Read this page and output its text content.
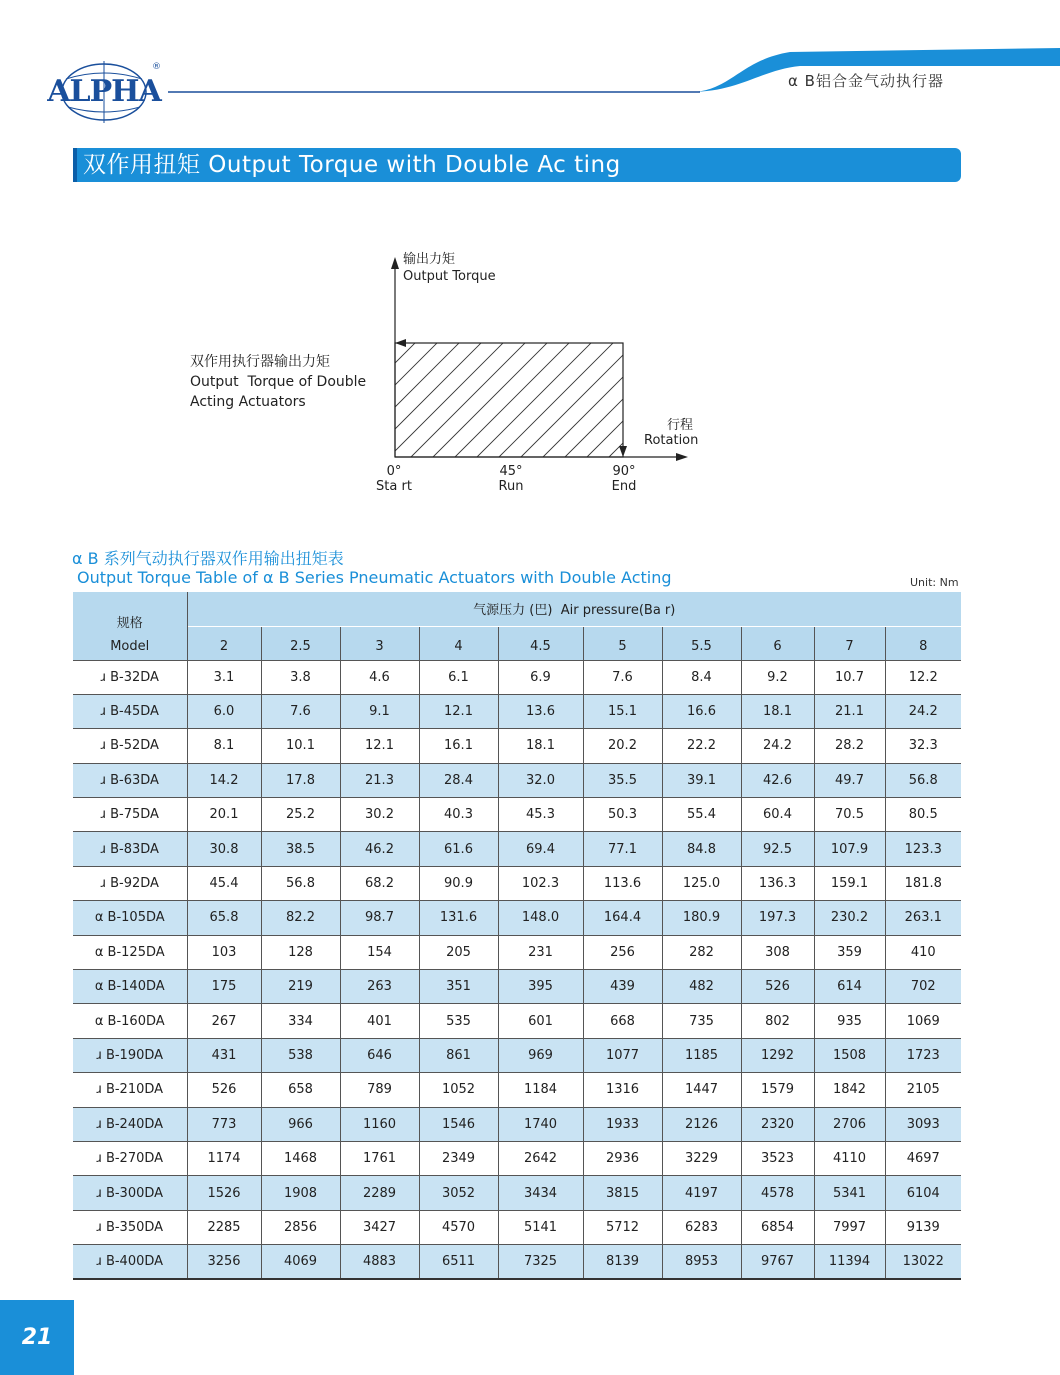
ALPHA
®
α B铝合金气动执行器
双作用扭矩 Output Torque with Double Ac ting
输出力矩
Output Torque
行程
Rotation
0°
Sta rt
45°
Run
90°
End
双作用执行器输出力矩
Output  Torque of Double
Acting Actuators
α B 系列气动执行器双作用输出扭矩表
Output Torque Table of α B Series Pneumatic Actuators with Double Acting	Unit: Nm
规格
Model	气源压力 (巴)  Air pressure(Ba r)									
	2	2.5	3	4	4.5	5	5.5	6	7	8
ɹ B-32DA	3.1	3.8	4.6	6.1	6.9	7.6	8.4	9.2	10.7	12.2
ɹ B-45DA	6.0	7.6	9.1	12.1	13.6	15.1	16.6	18.1	21.1	24.2
ɹ B-52DA	8.1	10.1	12.1	16.1	18.1	20.2	22.2	24.2	28.2	32.3
ɹ B-63DA	14.2	17.8	21.3	28.4	32.0	35.5	39.1	42.6	49.7	56.8
ɹ B-75DA	20.1	25.2	30.2	40.3	45.3	50.3	55.4	60.4	70.5	80.5
ɹ B-83DA	30.8	38.5	46.2	61.6	69.4	77.1	84.8	92.5	107.9	123.3
ɹ B-92DA	45.4	56.8	68.2	90.9	102.3	113.6	125.0	136.3	159.1	181.8
α B-105DA	65.8	82.2	98.7	131.6	148.0	164.4	180.9	197.3	230.2	263.1
α B-125DA	103	128	154	205	231	256	282	308	359	410
α B-140DA	175	219	263	351	395	439	482	526	614	702
α B-160DA	267	334	401	535	601	668	735	802	935	1069
ɹ B-190DA	431	538	646	861	969	1077	1185	1292	1508	1723
ɹ B-210DA	526	658	789	1052	1184	1316	1447	1579	1842	2105
ɹ B-240DA	773	966	1160	1546	1740	1933	2126	2320	2706	3093
ɹ B-270DA	1174	1468	1761	2349	2642	2936	3229	3523	4110	4697
ɹ B-300DA	1526	1908	2289	3052	3434	3815	4197	4578	5341	6104
ɹ B-350DA	2285	2856	3427	4570	5141	5712	6283	6854	7997	9139
ɹ B-400DA	3256	4069	4883	6511	7325	8139	8953	9767	11394	13022
21
